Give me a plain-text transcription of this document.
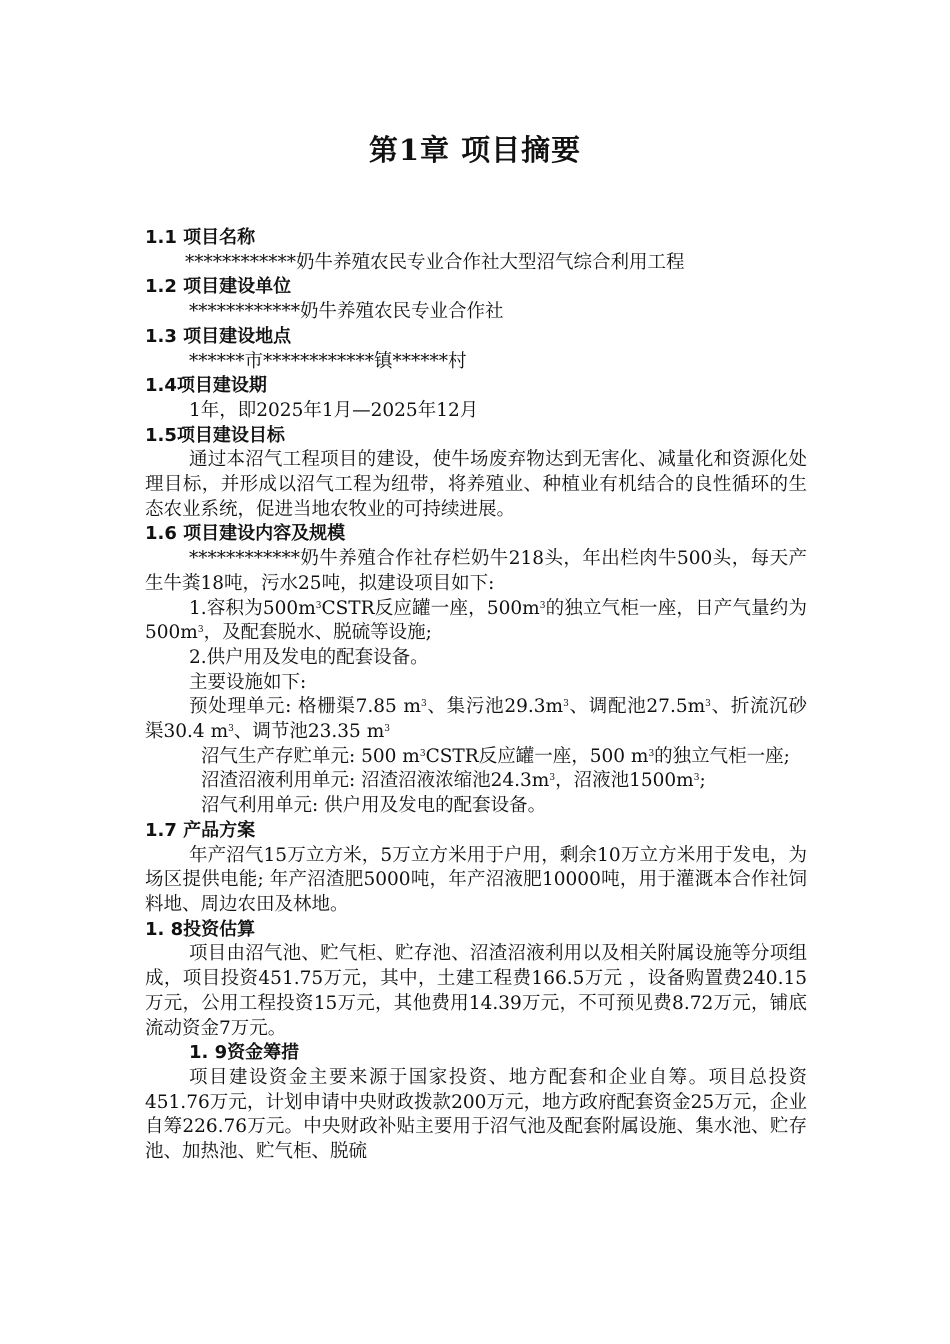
第1章 项目摘要

1.1 项目名称

************奶牛养殖农民专业合作社大型沼气综合利用工程

1.2 项目建设单位

************奶牛养殖农民专业合作社

1.3 项目建设地点

******市************镇******村

1.4项目建设期

1年，即2025年1月—2025年12月

1.5项目建设目标

通过本沼气工程项目的建设，使牛场废弃物达到无害化、减量化和资源化处理目标，并形成以沼气工程为纽带，将养殖业、种植业有机结合的良性循环的生态农业系统，促进当地农牧业的可持续进展。

1.6 项目建设内容及规模

************奶牛养殖合作社存栏奶牛218头，年出栏肉牛500头，每天产生牛粪18吨，污水25吨，拟建设项目如下:

1.容积为$500m^3CSTR$反应罐一座，$500m^3$的独立气柜一座，日产气量约为$500m^3$，及配套脱水、脱硫等设施;

2.供户用及发电的配套设备。

主要设施如下:

预处理单元: 格栅渠7.85 $m^3$、集污池$29.3m^3$、调配池$27.5m^3$、折流沉砂渠30.4 $m^3$、调节池23.35 $m^3$

沼气生产存贮单元: 500 $m^3CSTR$反应罐一座，500 $m^3$的独立气柜一座;

沼渣沼液利用单元: 沼渣沼液浓缩池$24.3m^3$，沼液池$1500m^3$;

沼气利用单元: 供户用及发电的配套设备。

1.7 产品方案

年产沼气15万立方米，5万立方米用于户用，剩余10万立方米用于发电，为场区提供电能; 年产沼渣肥5000吨，年产沼液肥10000吨，用于灌溉本合作社饲料地、周边农田及林地。

1. 8投资估算

项目由沼气池、贮气柜、贮存池、沼渣沼液利用以及相关附属设施等分项组成，项目投资451.75万元，其中，土建工程费166.5万元 ，设备购置费240.15万元，公用工程投资15万元，其他费用14.39万元，不可预见费8.72万元，铺底流动资金7万元。

1. 9资金筹措

项目建设资金主要来源于国家投资、地方配套和企业自筹。项目总投资451.76万元，计划申请中央财政拨款200万元，地方政府配套资金25万元，企业自筹226.76万元。中央财政补贴主要用于沼气池及配套附属设施、集水池、贮存池、加热池、贮气柜、脱硫
